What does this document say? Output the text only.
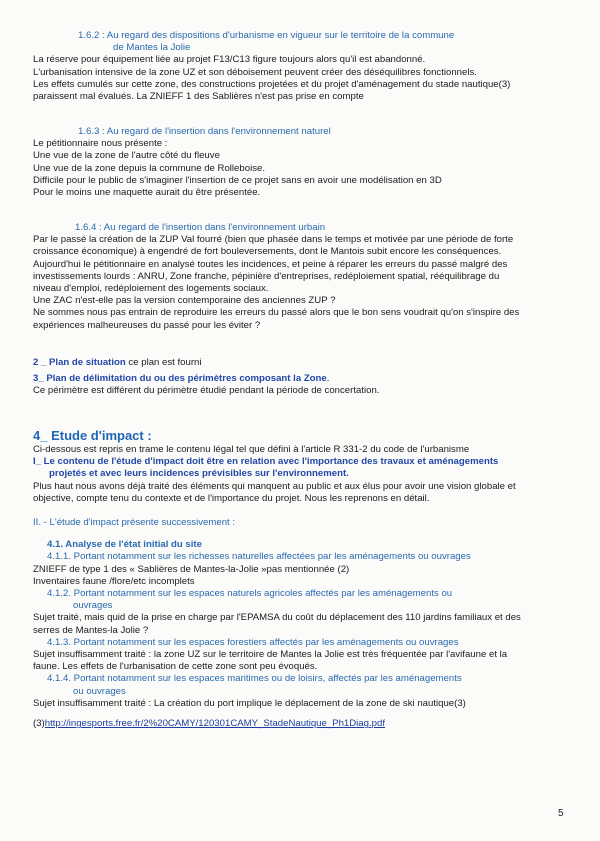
1.6.2 : Au regard des dispositions d'urbanisme en vigueur sur le territoire de la commune
de Mantes la Jolie
La réserve pour équipement liée au projet F13/C13 figure toujours alors qu'il est abandonné.
L'urbanisation intensive de la zone UZ et son déboisement peuvent créer des déséquilibres fonctionnels.
Les effets cumulés sur cette zone, des constructions projetées et du projet d'aménagement du stade nautique(3)
paraissent mal évalués. La ZNIEFF 1 des Sablières n'est pas prise en compte
1.6.3 : Au regard de l'insertion dans l'environnement naturel
Le pétitionnaire nous présente :
Une vue de la zone de l'autre côté du fleuve
Une vue de la zone depuis la commune de Rolleboise.
Difficile pour le public de s'imaginer l'insertion de ce projet sans en avoir une modélisation en 3D
Pour le moins une maquette aurait du être présentée.
1.6.4 : Au regard de l'insertion dans l'environnement urbain
Par le passé la création de la ZUP Val fourré (bien que phasée dans le temps et motivée par une période de forte
croissance économique) à engendré de fort bouleversements, dont le Mantois subit encore les conséquences.
Aujourd'hui le pétitionnaire en analysé toutes les incidences, et peine à réparer les erreurs du passé malgré des
investissements lourds : ANRU, Zone franche, pépinière d'entreprises, redéploiement spatial, rééquilibrage du
niveau d'emploi, redéploiement des logements sociaux.
Une ZAC n'est-elle pas la version contemporaine des anciennes ZUP ?
Ne sommes nous pas entrain de reproduire les erreurs du passé alors que le bon sens voudrait qu'on s'inspire des
expériences malheureuses du passé pour les éviter ?
2 _ Plan de situation ce plan est fourni
3_ Plan de délimitation du ou des périmètres composant la Zone.
Ce périmètre est différent du périmètre étudié pendant la période de concertation.
4_ Etude d'impact :
Ci-dessous est repris en trame le contenu légal tel que défini à l'article R 331-2 du code de l'urbanisme
I_ Le contenu de l'étude d'impact doit être en relation avec l'importance des travaux et aménagements
projetés et avec leurs incidences prévisibles sur l'environnement.
Plus haut nous avons déjà traité des éléments qui manquent au public et aux élus pour avoir une vision globale et
objective, compte tenu du contexte et de l'importance du projet. Nous les reprenons en détail.
II. - L'étude d'impact présente successivement :
4.1. Analyse de l'état initial du site
4.1.1. Portant notamment sur les richesses naturelles affectées par les aménagements ou ouvrages
ZNIEFF de type 1 des « Sablières de Mantes-la-Jolie »pas mentionnée (2)
Inventaires faune /flore/etc incomplets
4.1.2. Portant notamment sur les espaces naturels agricoles affectés par les aménagements ou
ouvrages
Sujet traité, mais quid de la prise en charge par l'EPAMSA du coût du déplacement des 110 jardins familiaux et des
serres de Mantes-la Jolie ?
4.1.3. Portant notamment sur les espaces forestiers affectés par les aménagements ou ouvrages
Sujet insuffisamment traité : la zone UZ sur le territoire de Mantes la Jolie est très fréquentée par l'avifaune et la
faune. Les effets de l'urbanisation de cette zone sont peu évoqués.
4.1.4. Portant notamment sur les espaces maritimes ou de loisirs, affectés par les aménagements
ou ouvrages
Sujet insuffisamment traité : La création du port implique le déplacement de la zone de ski nautique(3)
(3)http://ingesports.free.fr/2%20CAMY/120301CAMY_StadeNautique_Ph1Diag.pdf
5
